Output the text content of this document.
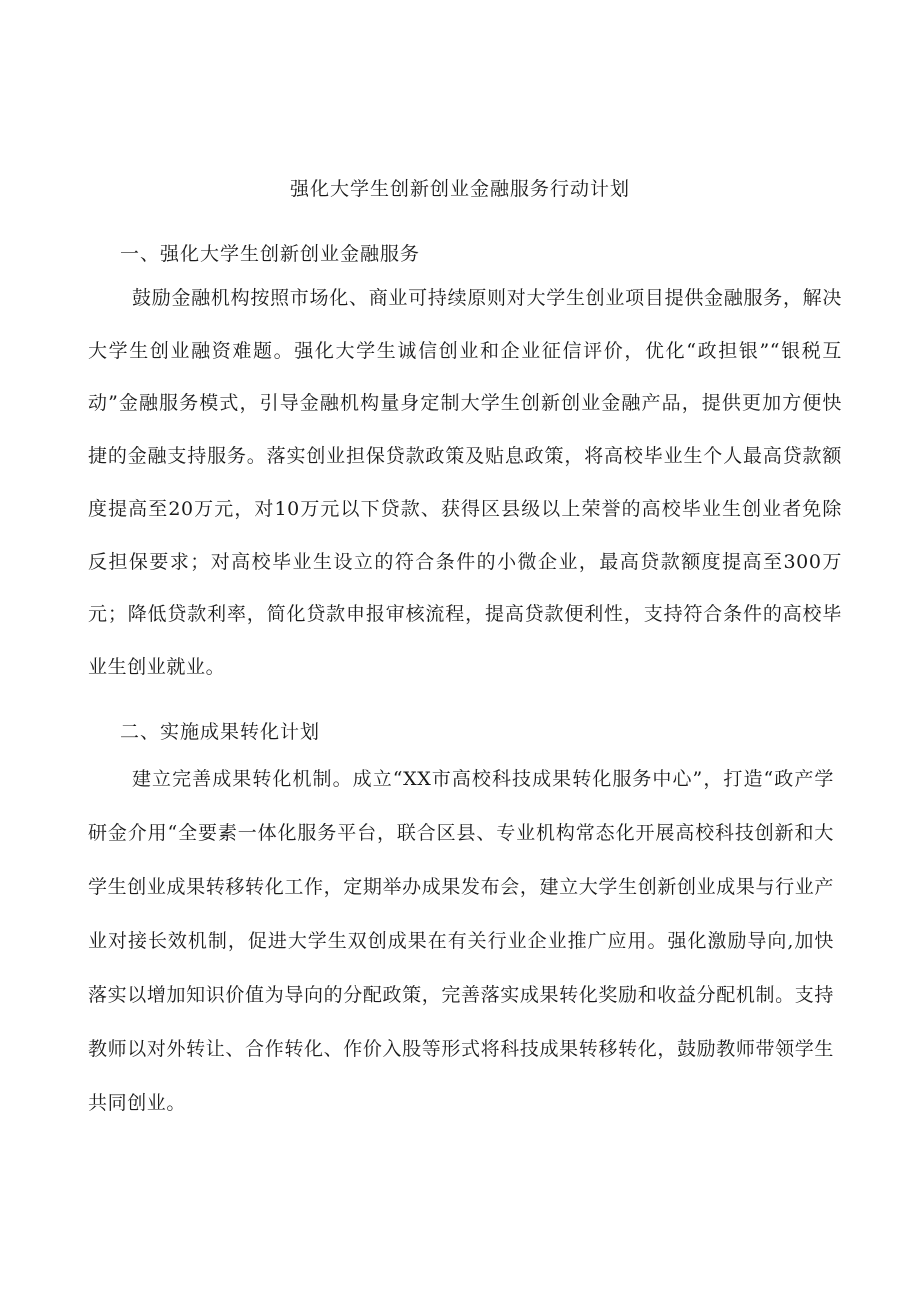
强化大学生创新创业金融服务行动计划
一、强化大学生创新创业金融服务
鼓励金融机构按照市场化、商业可持续原则对大学生创业项目提供金融服务，解决大学生创业融资难题。强化大学生诚信创业和企业征信评价，优化“政担银”“银税互动”金融服务模式，引导金融机构量身定制大学生创新创业金融产品，提供更加方便快捷的金融支持服务。落实创业担保贷款政策及贴息政策，将高校毕业生个人最高贷款额度提高至20万元，对10万元以下贷款、获得区县级以上荣誉的高校毕业生创业者免除反担保要求；对高校毕业生设立的符合条件的小微企业，最高贷款额度提高至300万元；降低贷款利率，简化贷款申报审核流程，提高贷款便利性，支持符合条件的高校毕业生创业就业。
二、实施成果转化计划
建立完善成果转化机制。成立“XX市高校科技成果转化服务中心”，打造“政产学研金介用“全要素一体化服务平台，联合区县、专业机构常态化开展高校科技创新和大学生创业成果转移转化工作，定期举办成果发布会，建立大学生创新创业成果与行业产业对接长效机制，促进大学生双创成果在有关行业企业推广应用。强化激励导向,加快落实以增加知识价值为导向的分配政策，完善落实成果转化奖励和收益分配机制。支持教师以对外转让、合作转化、作价入股等形式将科技成果转移转化，鼓励教师带领学生共同创业。
